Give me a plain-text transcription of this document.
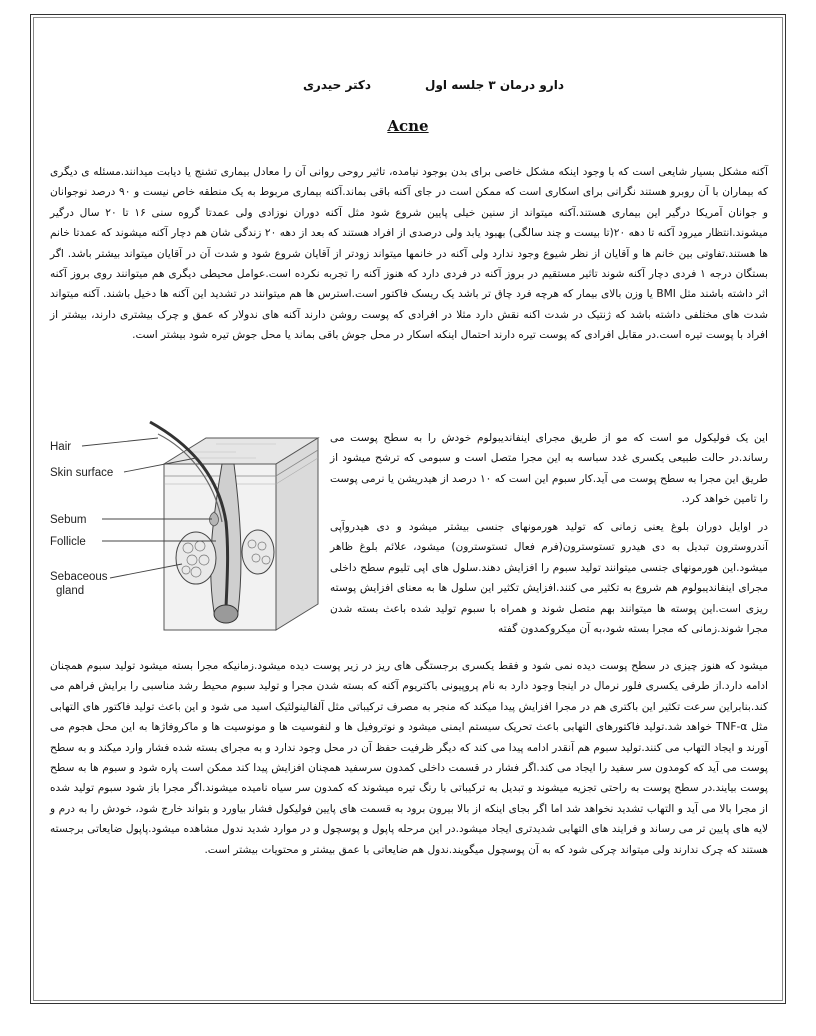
دارو درمان ۳ جلسه اول
دکتر حیدری
Acne

آکنه مشکل بسیار شایعی است که با وجود اینکه مشکل خاصی برای بدن بوجود نیامده، تاثیر روحی روانی آن را معادل بیماری تشنج یا دیابت میدانند.مسئله ی دیگری که بیماران با آن روبرو هستند نگرانی برای اسکاری است که ممکن است در جای آکنه باقی بماند.آکنه بیماری مربوط به یک منطقه خاص نیست و ۹۰ درصد نوجوانان و جوانان آمریکا درگیر این بیماری هستند.آکنه میتواند از سنین خیلی پایین شروع شود مثل آکنه دوران نوزادی ولی عمدتا گروه سنی ۱۶ تا ۲۰ سال درگیر میشوند.انتظار میرود آکنه تا دهه ۲۰(تا بیست و چند سالگی) بهبود یابد ولی درصدی از افراد هستند که بعد از دهه ۲۰ زندگی شان هم دچار آکنه میشوند که عمدتا خانم ها هستند.تفاوتی بین خانم ها و آقایان از نظر شیوع وجود ندارد ولی آکنه در خانمها میتواند زودتر از آقایان شروع شود و شدت آن در آقایان میتواند بیشتر باشد. اگر بستگان درجه ۱ فردی دچار آکنه شوند تاثیر مستقیم در بروز آکنه در فردی دارد که هنوز آکنه را تجربه نکرده است.عوامل محیطی دیگری هم میتوانند روی بروز آکنه اثر داشته باشند مثل BMI یا وزن بالای بیمار که هرچه فرد چاق تر باشد یک ریسک فاکتور است.استرس ها هم میتوانند در تشدید این آکنه ها دخیل باشند. آکنه میتواند شدت های مختلفی داشته باشد که ژنتیک در شدت اکنه نقش دارد مثلا در افرادی که پوست روشن دارند آکنه های ندولار که عمق و چرک بیشتری دارند، بیشتر از افراد با پوست تیره است.در مقابل افرادی که پوست تیره دارند احتمال اینکه اسکار در محل جوش باقی بماند یا محل جوش تیره شود بیشتر است.

Hair
Skin surface
Sebum
Follicle
Sebaceous
gland

این یک فولیکول مو است که مو از طریق مجرای اینفاندیبولوم خودش را به سطح پوست می رساند.در حالت طبیعی یکسری غدد سباسه به این مجرا متصل است و سبومی که ترشح میشود از طریق این مجرا به سطح پوست می آید.کار سبوم این است که ۱۰ درصد از هیدریشن یا نرمی پوست را تامین خواهد کرد.

در اوایل دوران بلوغ یعنی زمانی که تولید هورمونهای جنسی بیشتر میشود و دی هیدروآپی آندروسترون تبدیل به دی هیدرو تستوسترون(فرم فعال تستوسترون) میشود، علائم بلوغ ظاهر میشود.این هورمونهای جنسی میتوانند تولید سبوم را افزایش دهند.سلول های اپی تلیوم سطح داخلی مجرای اینفاندیبولوم هم شروع به تکثیر می کنند.افزایش تکثیر این سلول ها به معنای افزایش پوسته ریزی است.این پوسته ها میتوانند بهم متصل شوند و همراه با سبوم تولید شده باعث بسته شدن مجرا شوند.زمانی که مجرا بسته شود،به آن میکروکمدون گفته

میشود که هنوز چیزی در سطح پوست دیده نمی شود و فقط یکسری برجستگی های ریز در زیر پوست دیده میشود.زمانیکه مجرا بسته میشود تولید سبوم همچنان ادامه دارد.از طرفی یکسری فلور نرمال در اینجا وجود دارد به نام پروپیونی باکتریوم آکنه که بسته شدن مجرا و تولید سبوم محیط رشد مناسبی را برایش فراهم می کند.بنابراین سرعت تکثیر این باکتری هم در مجرا افزایش پیدا میکند که منجر به مصرف ترکیباتی مثل آلفالینولئیک اسید می شود و این باعث تولید فاکتور های التهابی مثل TNF-α خواهد شد.تولید فاکتورهای التهابی باعث تحریک سیستم ایمنی میشود و نوتروفیل ها و لنفوسیت ها و مونوسیت ها و ماکروفاژها به این محل هجوم می آورند و ایجاد التهاب می کنند.تولید سبوم هم آنقدر ادامه پیدا می کند که دیگر ظرفیت حفظ آن در محل وجود ندارد و به مجرای بسته شده فشار وارد میکند و به سطح پوست می آید که کومدون سر سفید را ایجاد می کند.اگر فشار در قسمت داخلی کمدون سرسفید همچنان افزایش پیدا کند ممکن است پاره شود و سبوم ها به سطح پوست بیایند.در سطح پوست به راحتی تجزیه میشوند و تبدیل به ترکیباتی با رنگ تیره میشوند که کمدون سر سیاه نامیده میشوند.اگر مجرا باز شود سبوم تولید شده از مجرا بالا می آید و التهاب تشدید نخواهد شد اما اگر بجای اینکه از بالا بیرون برود به قسمت های پایین فولیکول فشار بیاورد و بتواند خارج شود، خودش را به درم و لایه های پایین تر می رساند و فرایند های التهابی شدیدتری ایجاد میشود.در این مرحله پاپول و پوسچول و در موارد شدید ندول مشاهده میشود.پاپول ضایعاتی برجسته هستند که چرک ندارند ولی میتواند چرکی شود که به آن پوسچول میگویند.ندول هم ضایعاتی با عمق بیشتر و محتویات بیشتر است.
